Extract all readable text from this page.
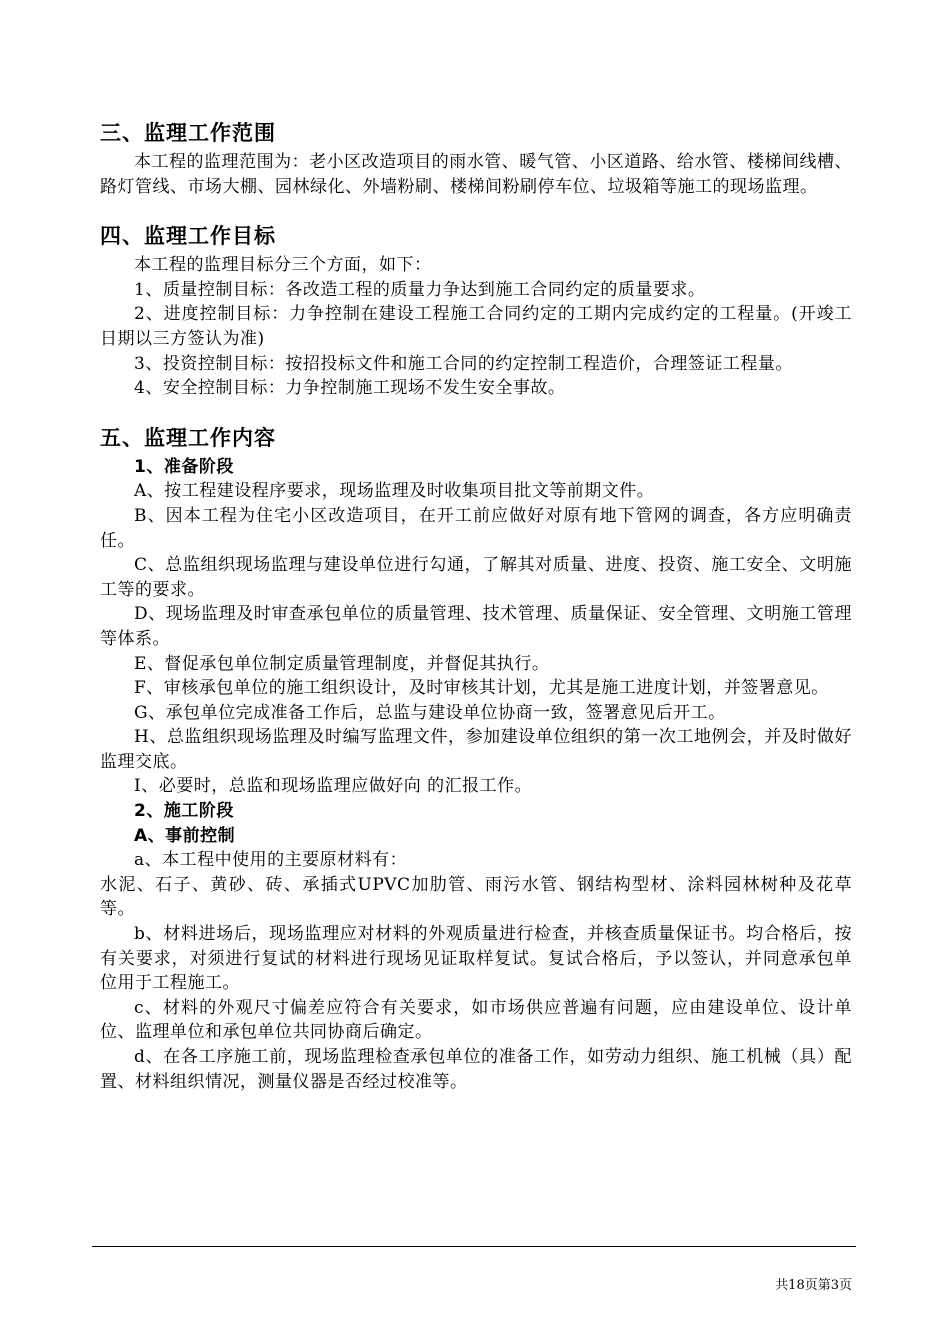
三、监理工作范围

本工程的监理范围为：老小区改造项目的雨水管、暖气管、小区道路、给水管、楼梯间线槽、路灯管线、市场大棚、园林绿化、外墙粉刷、楼梯间粉刷停车位、垃圾箱等施工的现场监理。

四、监理工作目标

本工程的监理目标分三个方面，如下：

1、质量控制目标：各改造工程的质量力争达到施工合同约定的质量要求。

2、进度控制目标：力争控制在建设工程施工合同约定的工期内完成约定的工程量。(开竣工日期以三方签认为准)

3、投资控制目标：按招投标文件和施工合同的约定控制工程造价，合理签证工程量。

4、安全控制目标：力争控制施工现场不发生安全事故。

五、监理工作内容

1、准备阶段

A、按工程建设程序要求，现场监理及时收集项目批文等前期文件。

B、因本工程为住宅小区改造项目，在开工前应做好对原有地下管网的调查，各方应明确责任。

C、总监组织现场监理与建设单位进行勾通，了解其对质量、进度、投资、施工安全、文明施工等的要求。

D、现场监理及时审查承包单位的质量管理、技术管理、质量保证、安全管理、文明施工管理等体系。

E、督促承包单位制定质量管理制度，并督促其执行。

F、审核承包单位的施工组织设计，及时审核其计划，尤其是施工进度计划，并签署意见。

G、承包单位完成准备工作后，总监与建设单位协商一致，签署意见后开工。

H、总监组织现场监理及时编写监理文件，参加建设单位组织的第一次工地例会，并及时做好监理交底。

I、必要时，总监和现场监理应做好向 的汇报工作。

2、施工阶段

A、事前控制

a、本工程中使用的主要原材料有：

水泥、石子、黄砂、砖、承插式UPVC加肋管、雨污水管、钢结构型材、涂料园林树种及花草等。

b、材料进场后，现场监理应对材料的外观质量进行检查，并核查质量保证书。均合格后，按有关要求，对须进行复试的材料进行现场见证取样复试。复试合格后，予以签认，并同意承包单位用于工程施工。

c、材料的外观尺寸偏差应符合有关要求，如市场供应普遍有问题，应由建设单位、设计单位、监理单位和承包单位共同协商后确定。

d、在各工序施工前，现场监理检查承包单位的准备工作，如劳动力组织、施工机械（具）配置、材料组织情况，测量仪器是否经过校准等。

共18页第3页
